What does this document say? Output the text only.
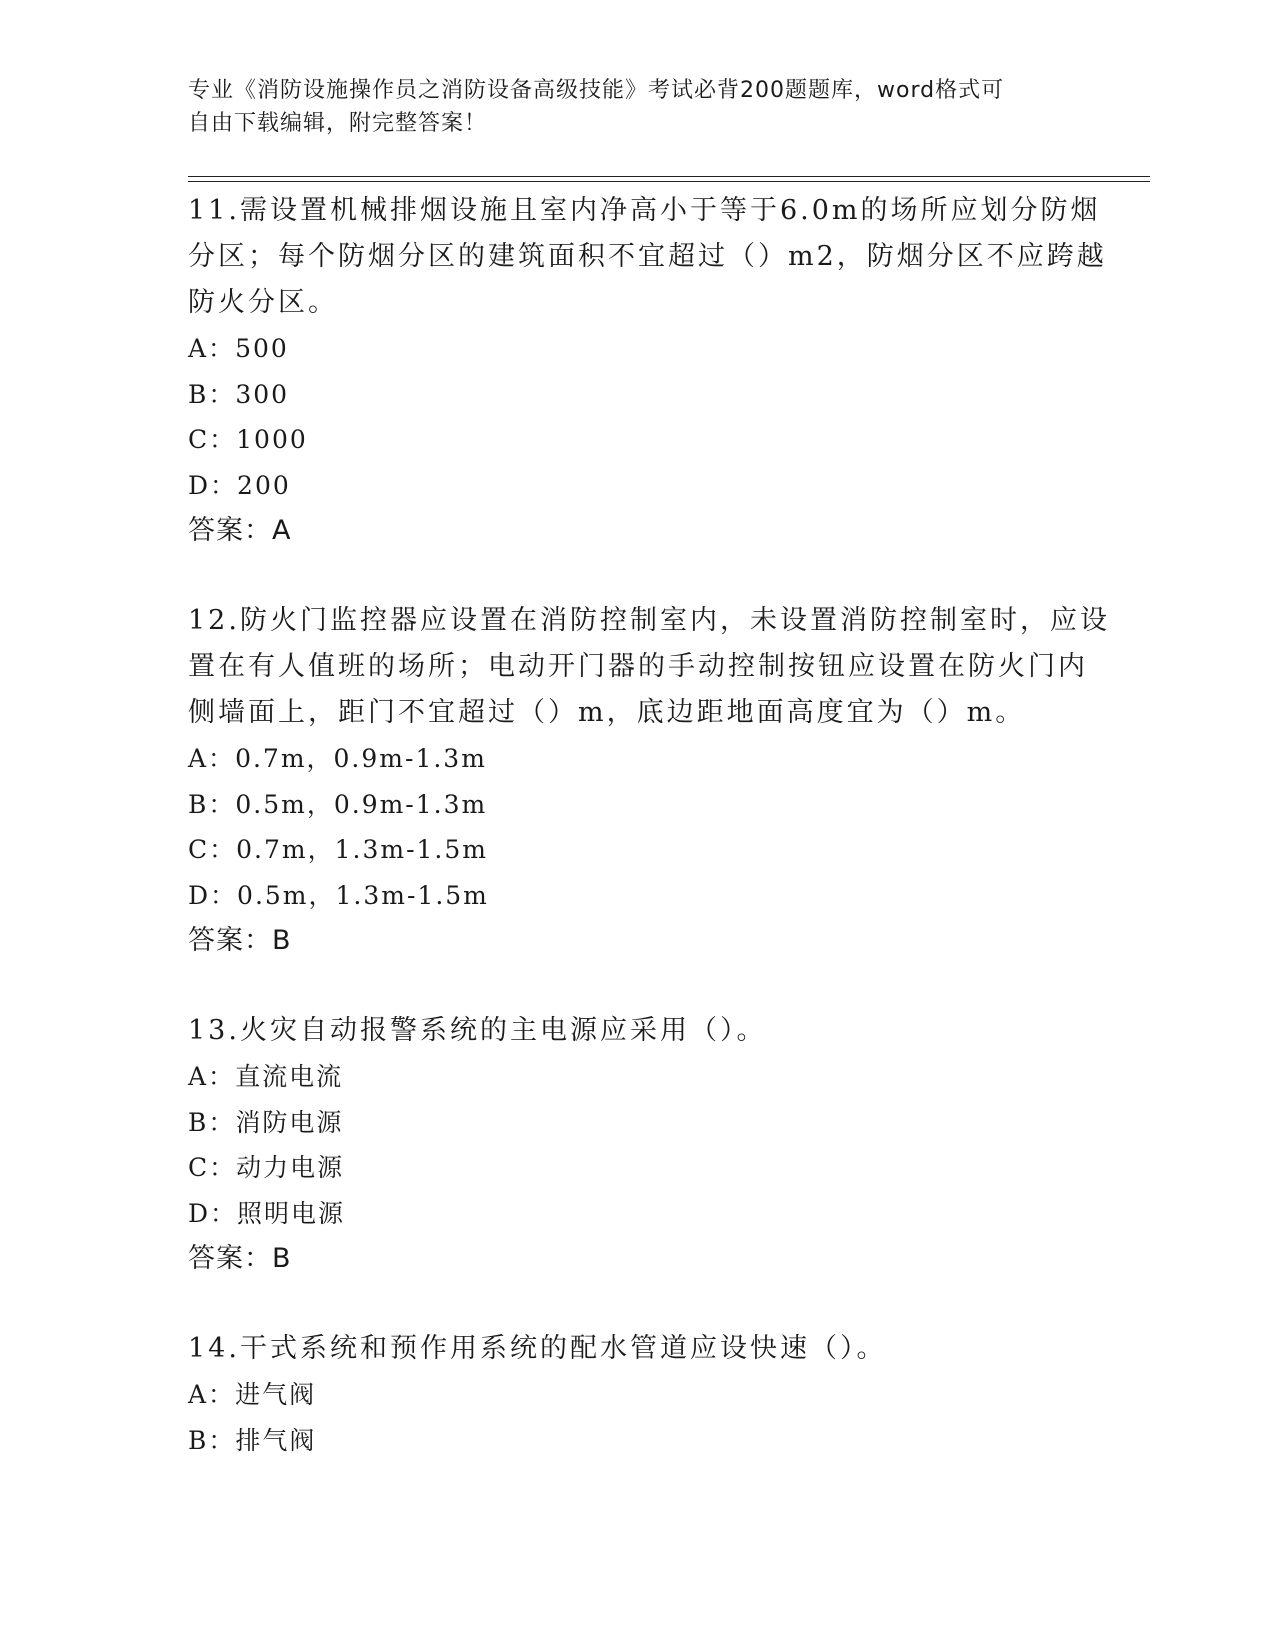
专业《消防设施操作员之消防设备高级技能》考试必背200题题库，word格式可
自由下载编辑，附完整答案！
11.需设置机械排烟设施且室内净高小于等于6.0m的场所应划分防烟
分区；每个防烟分区的建筑面积不宜超过（）m2，防烟分区不应跨越
防火分区。
A：500
B：300
C：1000
D：200
答案：A
12.防火门监控器应设置在消防控制室内，未设置消防控制室时，应设
置在有人值班的场所；电动开门器的手动控制按钮应设置在防火门内
侧墙面上，距门不宜超过（）m，底边距地面高度宜为（）m。
A：0.7m，0.9m-1.3m
B：0.5m，0.9m-1.3m
C：0.7m，1.3m-1.5m
D：0.5m，1.3m-1.5m
答案：B
13.火灾自动报警系统的主电源应采用（）。
A：直流电流
B：消防电源
C：动力电源
D：照明电源
答案：B
14.干式系统和预作用系统的配水管道应设快速（）。
A：进气阀
B：排气阀
